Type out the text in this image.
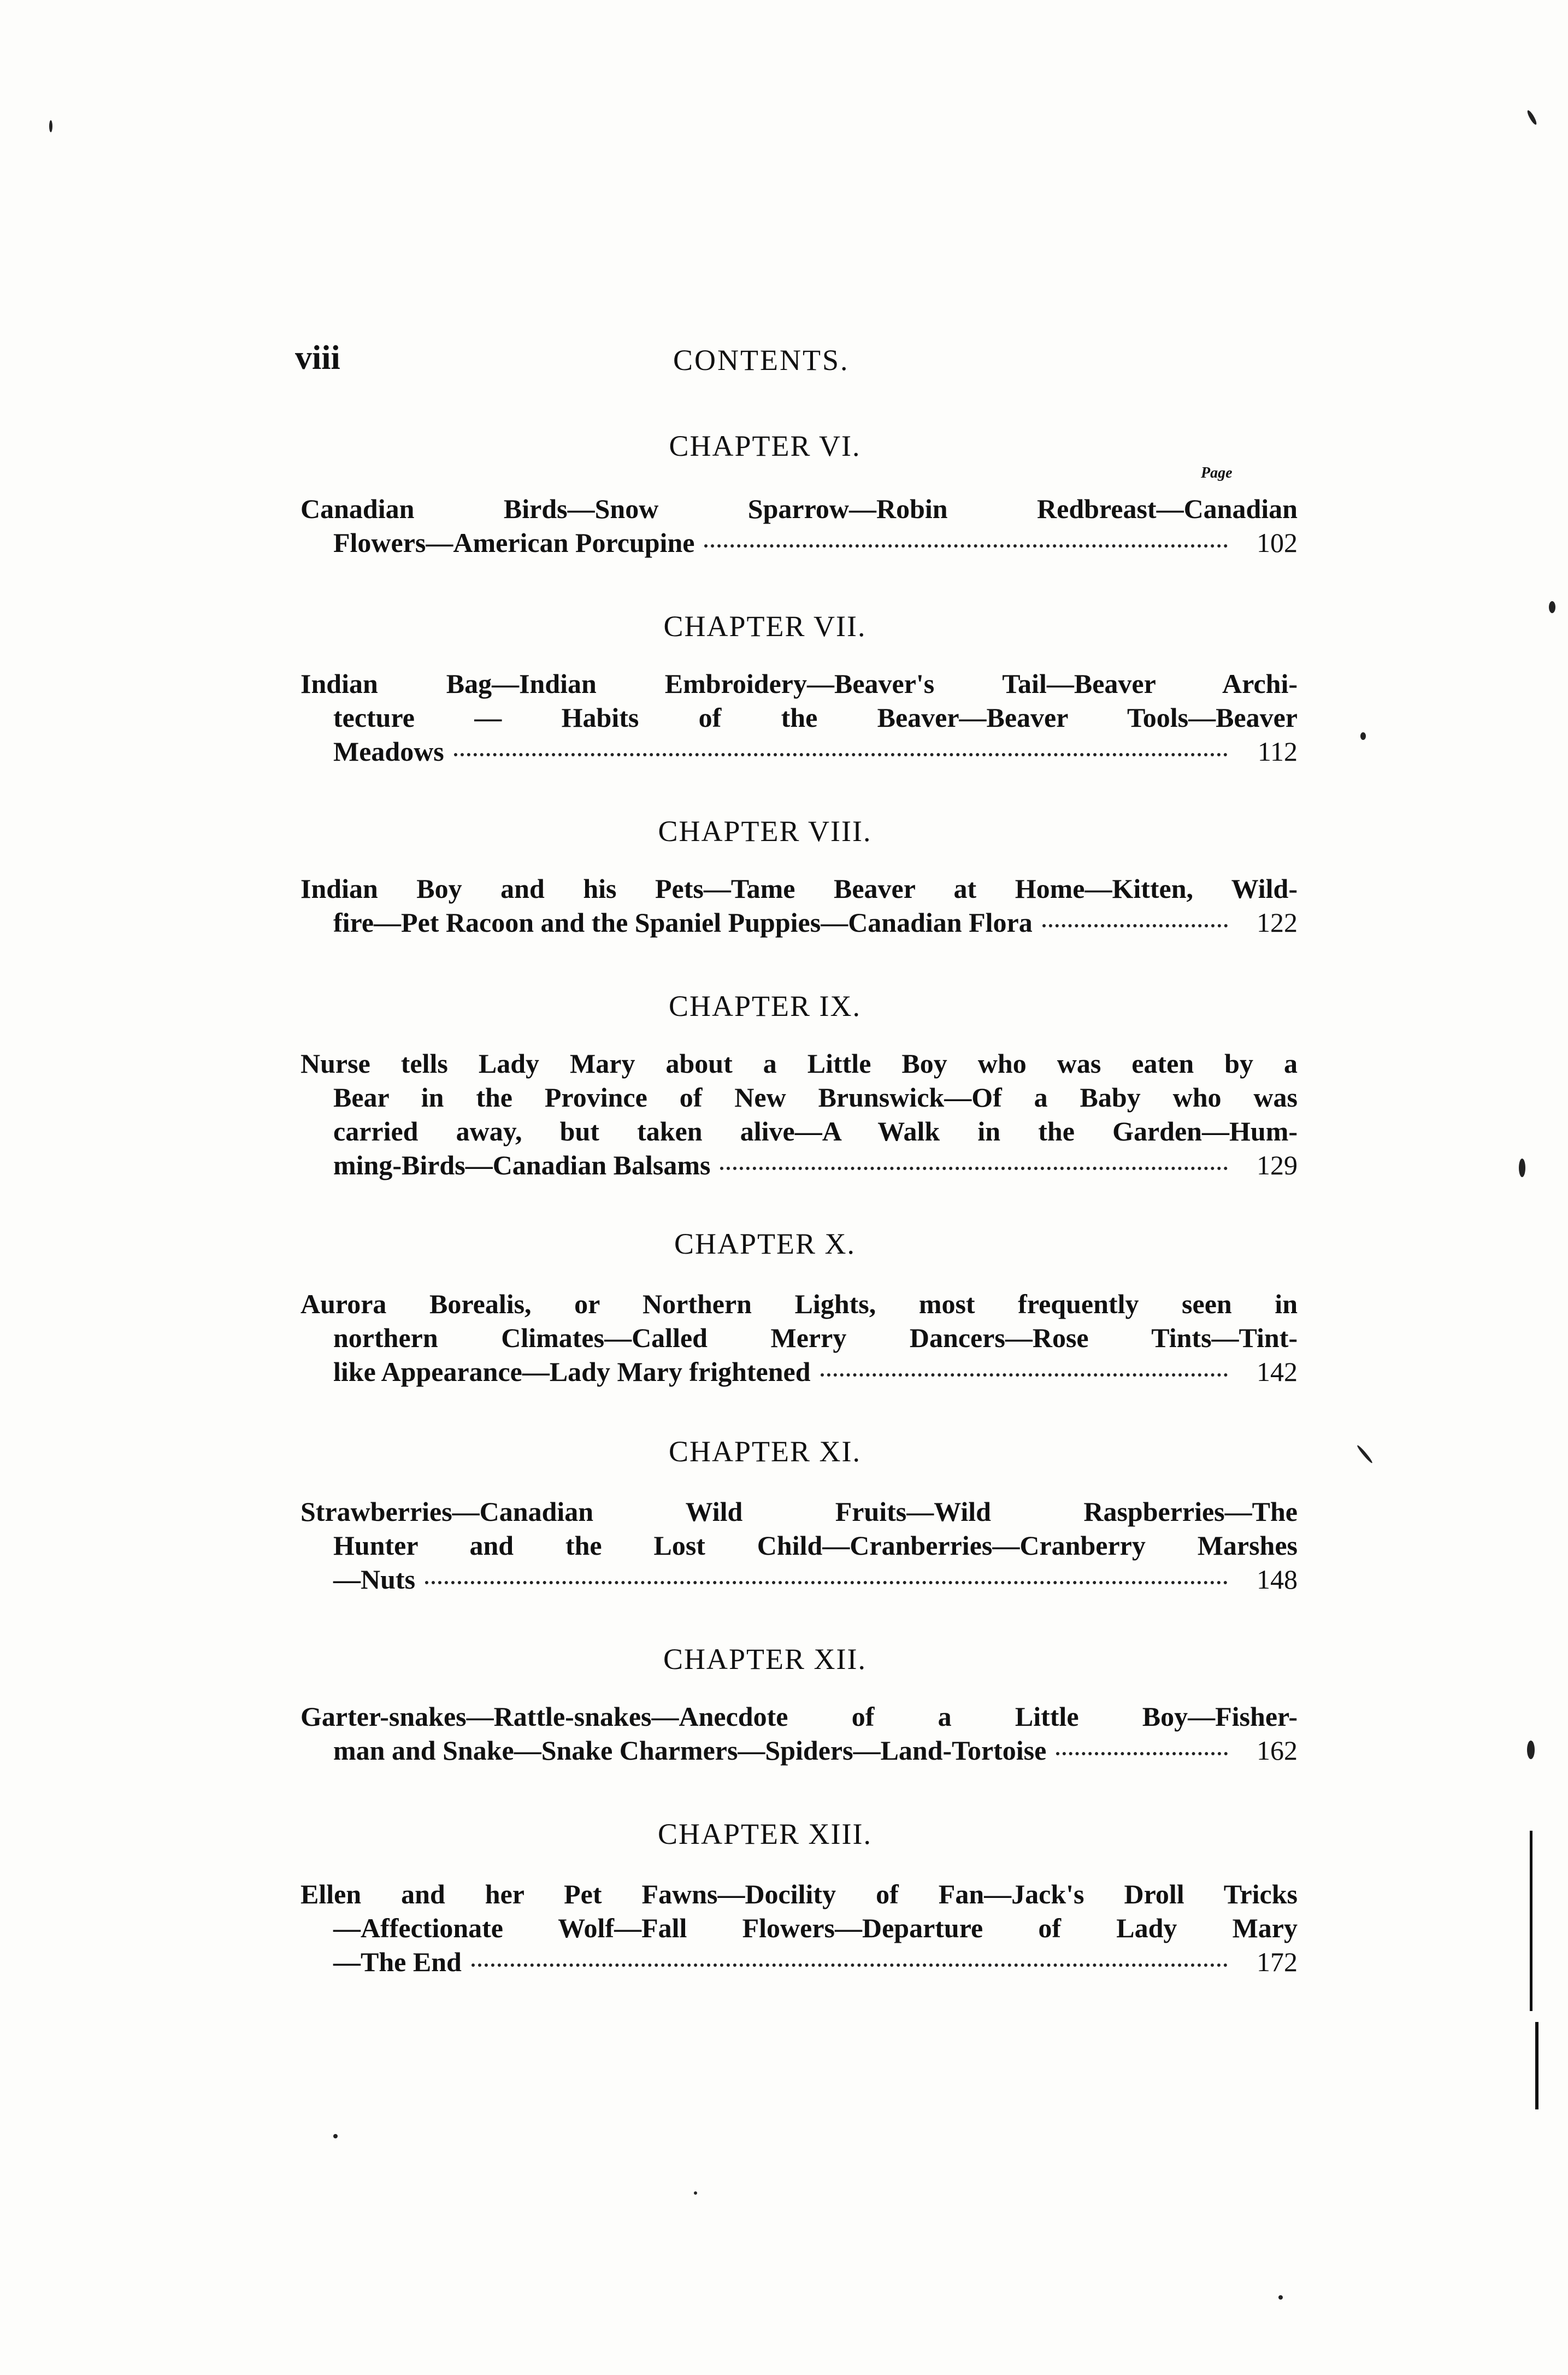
viii	CONTENTS.
Page
CHAPTER VI.
Canadian Birds—Snow Sparrow—Robin Redbreast—Canadian
Flowers—American Porcupine	102
CHAPTER VII.
Indian Bag—Indian Embroidery—Beaver's Tail—Beaver Archi-
tecture — Habits of the Beaver—Beaver Tools—Beaver
Meadows	112
CHAPTER VIII.
Indian Boy and his Pets—Tame Beaver at Home—Kitten, Wild-
fire—Pet Racoon and the Spaniel Puppies—Canadian Flora	122
CHAPTER IX.
Nurse tells Lady Mary about a Little Boy who was eaten by a
Bear in the Province of New Brunswick—Of a Baby who was
carried away, but taken alive—A Walk in the Garden—Hum-
ming-Birds—Canadian Balsams	129
CHAPTER X.
Aurora Borealis, or Northern Lights, most frequently seen in
northern Climates—Called Merry Dancers—Rose Tints—Tint-
like Appearance—Lady Mary frightened	142
CHAPTER XI.
Strawberries—Canadian Wild Fruits—Wild Raspberries—The
Hunter and the Lost Child—Cranberries—Cranberry Marshes
—Nuts	148
CHAPTER XII.
Garter-snakes—Rattle-snakes—Anecdote of a Little Boy—Fisher-
man and Snake—Snake Charmers—Spiders—Land-Tortoise	162
CHAPTER XIII.
Ellen and her Pet Fawns—Docility of Fan—Jack's Droll Tricks
—Affectionate Wolf—Fall Flowers—Departure of Lady Mary
—The End	172
